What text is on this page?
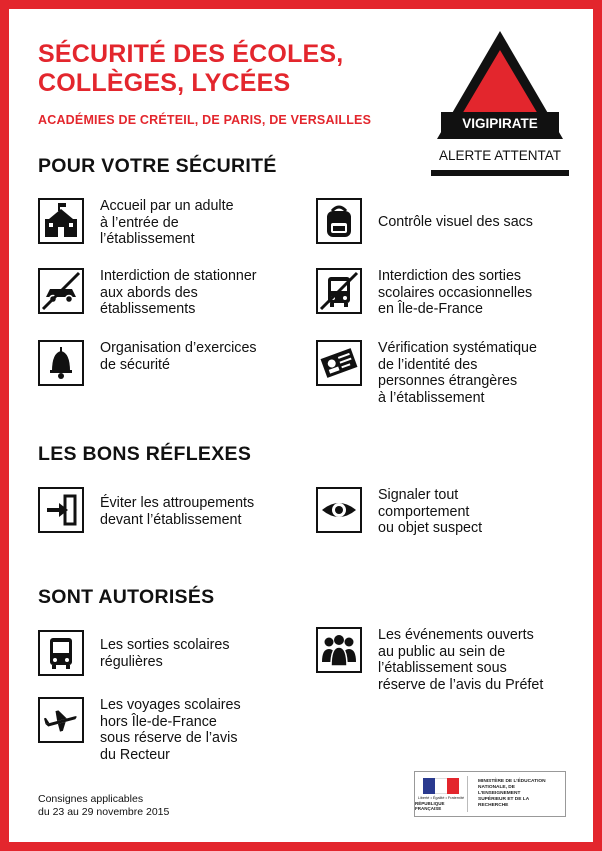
SÉCURITÉ DES ÉCOLES,
COLLÈGES, LYCÉES
ACADÉMIES DE CRÉTEIL, DE PARIS, DE VERSAILLES	VIGIPIRATE
ALERTE ATTENTAT
POUR VOTRE SÉCURITÉ
Accueil par un adulte
à l’entrée de
l’établissement
Contrôle visuel des sacs
Interdiction de stationner
aux abords des
établissements
Interdiction des sorties
scolaires occasionnelles
en Île-de-France
Organisation d’exercices
de sécurité
Vérification systématique
de l’identité des
personnes étrangères
à l’établissement
LES BONS RÉFLEXES
Éviter les attroupements
devant l’établissement
Signaler tout
comportement
ou objet suspect
SONT AUTORISÉS
Les sorties scolaires
régulières
Les événements ouverts
au public au sein de
l’établissement sous
réserve de l’avis du Préfet
Les voyages scolaires
hors Île-de-France
sous réserve de l’avis
du Recteur
Consignes applicables
du 23 au 29 novembre 2015
Liberté • Égalité • Fraternité
RÉPUBLIQUE FRANÇAISE
MINISTÈRE DE L’ÉDUCATION
NATIONALE, DE L’ENSEIGNEMENT
SUPÉRIEUR ET DE LA RECHERCHE
